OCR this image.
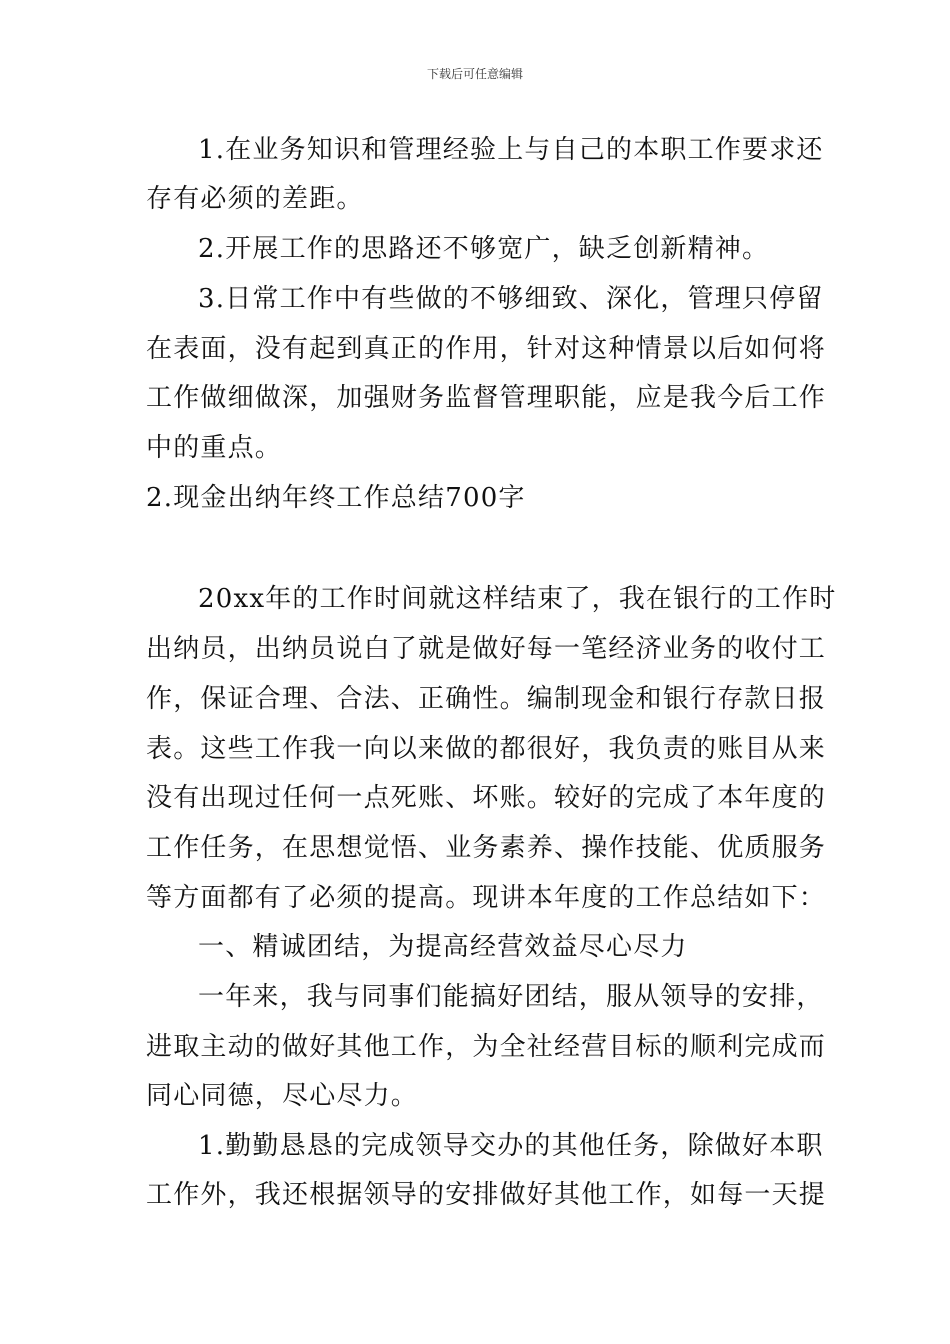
下载后可任意编辑
1.在业务知识和管理经验上与自己的本职工作要求还
存有必须的差距。
2.开展工作的思路还不够宽广，缺乏创新精神。
3.日常工作中有些做的不够细致、深化，管理只停留
在表面，没有起到真正的作用，针对这种情景以后如何将
工作做细做深，加强财务监督管理职能，应是我今后工作
中的重点。
2.现金出纳年终工作总结700字
20xx年的工作时间就这样结束了，我在银行的工作时
出纳员，出纳员说白了就是做好每一笔经济业务的收付工
作，保证合理、合法、正确性。编制现金和银行存款日报
表。这些工作我一向以来做的都很好，我负责的账目从来
没有出现过任何一点死账、坏账。较好的完成了本年度的
工作任务，在思想觉悟、业务素养、操作技能、优质服务
等方面都有了必须的提高。现讲本年度的工作总结如下：
一、精诚团结，为提高经营效益尽心尽力
一年来，我与同事们能搞好团结，服从领导的安排，
进取主动的做好其他工作，为全社经营目标的顺利完成而
同心同德，尽心尽力。
1.勤勤恳恳的完成领导交办的其他任务，除做好本职
工作外，我还根据领导的安排做好其他工作，如每一天提
